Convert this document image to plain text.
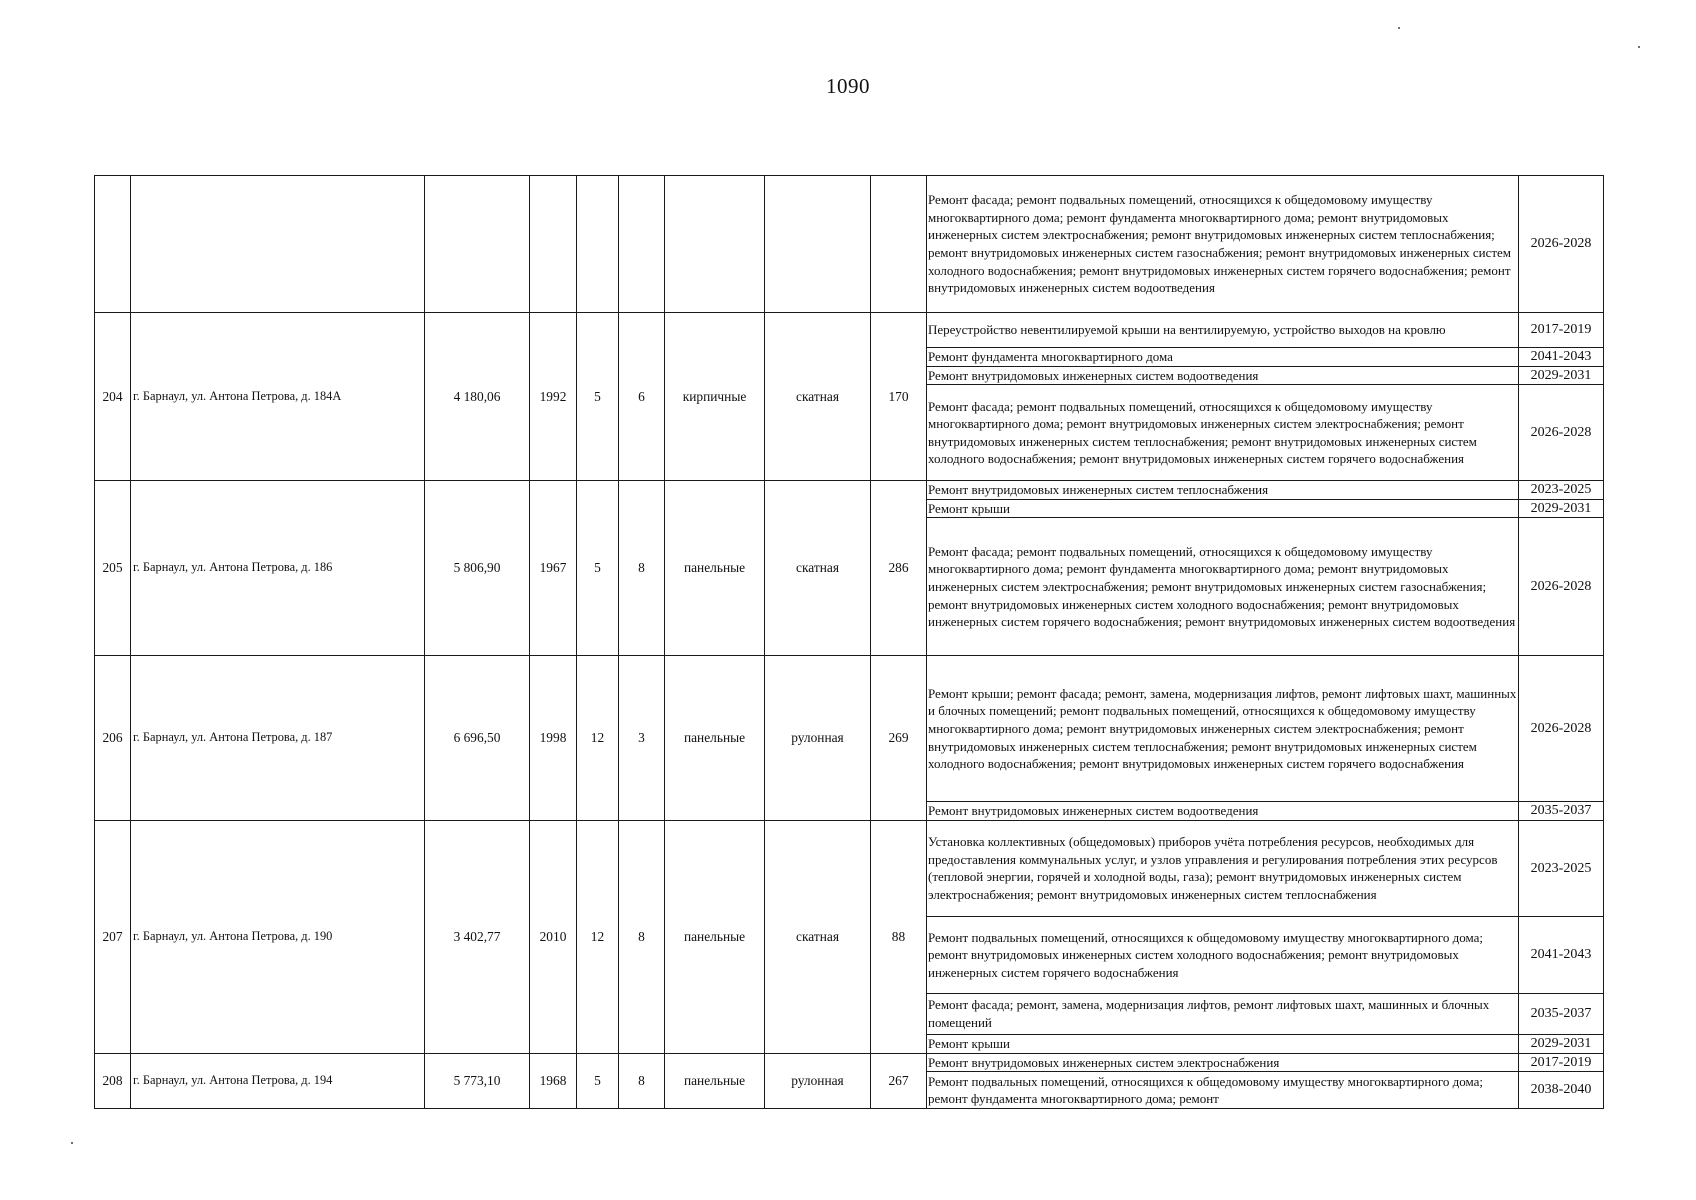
1090
									Ремонт фасада; ремонт подвальных помещений, относящихся к общедомовому имуществу многоквартирного дома; ремонт фундамента многоквартирного дома; ремонт внутридомовых инженерных систем электроснабжения; ремонт внутридомовых инженерных систем теплоснабжения; ремонт внутридомовых инженерных систем газоснабжения; ремонт внутридомовых инженерных систем холодного водоснабжения; ремонт внутридомовых инженерных систем горячего водоснабжения; ремонт внутридомовых инженерных систем водоотведения	2026-2028
204	г. Барнаул, ул. Антона Петрова, д. 184А	4 180,06	1992	5	6	кирпичные	скатная	170	Переустройство невентилируемой крыши на вентилируемую, устройство выходов на кровлю	2017-2019
									Ремонт фундамента многоквартирного дома	2041-2043
									Ремонт внутридомовых инженерных систем водоотведения	2029-2031
									Ремонт фасада; ремонт подвальных помещений, относящихся к общедомовому имуществу многоквартирного дома; ремонт внутридомовых инженерных систем электроснабжения; ремонт внутридомовых инженерных систем теплоснабжения; ремонт внутридомовых инженерных систем холодного водоснабжения; ремонт внутридомовых инженерных систем горячего водоснабжения	2026-2028
205	г. Барнаул, ул. Антона Петрова, д. 186	5 806,90	1967	5	8	панельные	скатная	286	Ремонт внутридомовых инженерных систем теплоснабжения	2023-2025
									Ремонт крыши	2029-2031
									Ремонт фасада; ремонт подвальных помещений, относящихся к общедомовому имуществу многоквартирного дома; ремонт фундамента многоквартирного дома; ремонт внутридомовых инженерных систем электроснабжения; ремонт внутридомовых инженерных систем газоснабжения; ремонт внутридомовых инженерных систем холодного водоснабжения; ремонт внутридомовых инженерных систем горячего водоснабжения; ремонт внутридомовых инженерных систем водоотведения	2026-2028
206	г. Барнаул, ул. Антона Петрова, д. 187	6 696,50	1998	12	3	панельные	рулонная	269	Ремонт крыши; ремонт фасада; ремонт, замена, модернизация лифтов, ремонт лифтовых шахт, машинных и блочных помещений; ремонт подвальных помещений, относящихся к общедомовому имуществу многоквартирного дома; ремонт внутридомовых инженерных систем электроснабжения; ремонт внутридомовых инженерных систем теплоснабжения; ремонт внутридомовых инженерных систем холодного водоснабжения; ремонт внутридомовых инженерных систем горячего водоснабжения	2026-2028
									Ремонт внутридомовых инженерных систем водоотведения	2035-2037
207	г. Барнаул, ул. Антона Петрова, д. 190	3 402,77	2010	12	8	панельные	скатная	88	Установка коллективных (общедомовых) приборов учёта потребления ресурсов, необходимых для предоставления коммунальных услуг, и узлов управления и регулирования потребления этих ресурсов (тепловой энергии, горячей и холодной воды, газа); ремонт внутридомовых инженерных систем электроснабжения; ремонт внутридомовых инженерных систем теплоснабжения	2023-2025
									Ремонт подвальных помещений, относящихся к общедомовому имуществу многоквартирного дома; ремонт внутридомовых инженерных систем холодного водоснабжения; ремонт внутридомовых инженерных систем горячего водоснабжения	2041-2043
									Ремонт фасада; ремонт, замена, модернизация лифтов, ремонт лифтовых шахт, машинных и блочных помещений	2035-2037
									Ремонт крыши	2029-2031
208	г. Барнаул, ул. Антона Петрова, д. 194	5 773,10	1968	5	8	панельные	рулонная	267	Ремонт внутридомовых инженерных систем электроснабжения	2017-2019
									Ремонт подвальных помещений, относящихся к общедомовому имуществу многоквартирного дома; ремонт фундамента многоквартирного дома; ремонт	2038-2040
